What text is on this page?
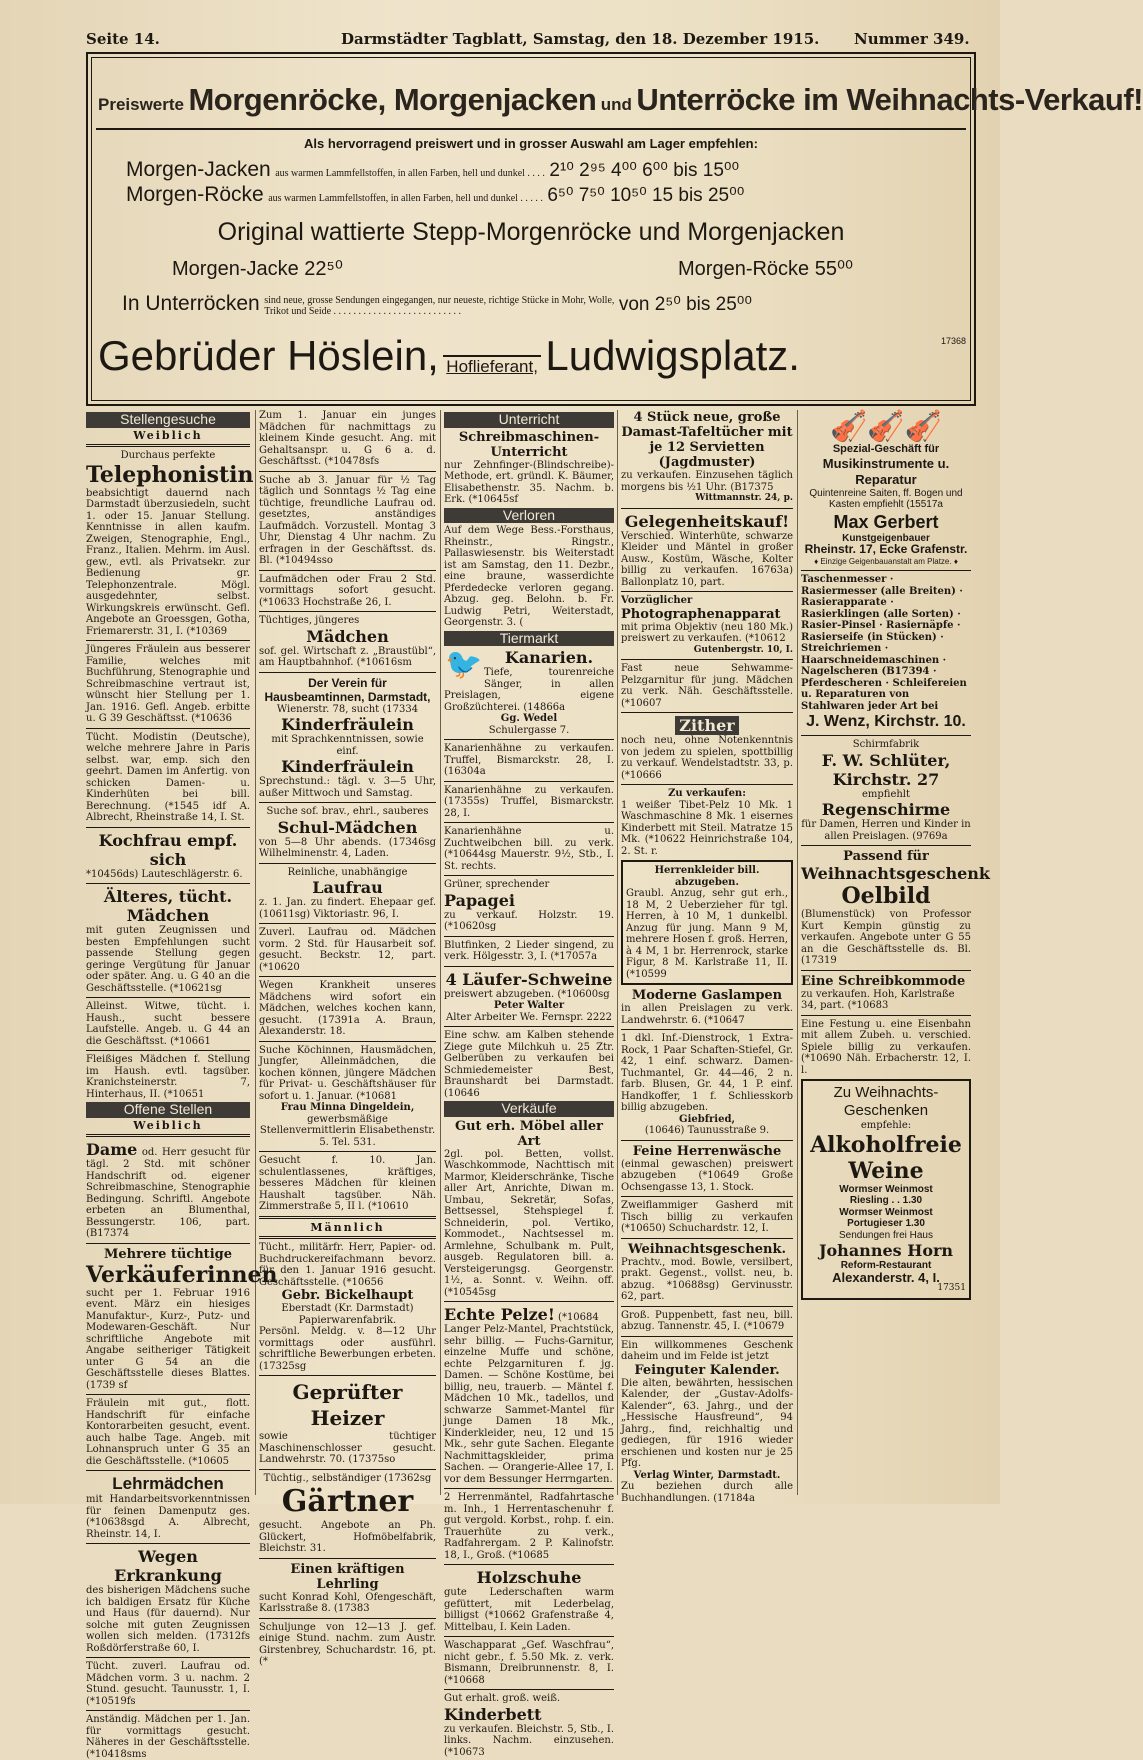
Seite 14.	Darmstädter Tagblatt, Samstag, den 18. Dezember 1915. Nummer 349.
Preiswerte Morgenröcke, Morgenjacken und Unterröcke im Weihnachts-Verkauf!
Als hervorragend preiswert und in grosser Auswahl am Lager empfehlen:
Morgen-Jacken aus warmen Lammfellstoffen, in allen Farben, hell und dunkel . . . . 2¹⁰ 2⁹⁵ 4⁰⁰ 6⁰⁰ bis 15⁰⁰
Morgen-Röcke aus warmen Lammfellstoffen, in allen Farben, hell und dunkel . . . . . 6⁵⁰ 7⁵⁰ 10⁵⁰ 15 bis 25⁰⁰
Original wattierte Stepp-Morgenröcke und Morgenjacken
Morgen-Jacke 22⁵⁰	Morgen-Röcke 55⁰⁰
In Unterröcken sind neue, grosse Sendungen eingegangen, nur neueste, richtige Stücke in Mohr, Wolle,
Trikot und Seide . . . . . . . . . . . . . . . . . . . . . . . . . .	von 2⁵⁰ bis 25⁰⁰
17368
Gebrüder Höslein, Hoflieferant, Ludwigsplatz.
Stellengesuche
Weiblich
Durchaus perfekte
Telephonistin
beabsichtigt dauernd nach Darmstadt überzusiedeln, sucht 1. oder 15. Januar Stellung. Kenntnisse in allen kaufm. Zweigen, Stenographie, Engl., Franz., Italien. Mehrm. im Ausl. gew., evtl. als Privatsekr. zur Bedienung gr. Telephonzentrale. Mögl. ausgedehnter, selbst. Wirkungskreis erwünscht. Gefl. Angebote an Groessgen, Gotha, Friemarerstr. 31, I. (*10369
Jüngeres Fräulein aus besserer Familie, welches mit Buchführung, Stenographie und Schreibmaschine vertraut ist, wünscht hier Stellung per 1. Jan. 1916. Gefl. Angeb. erbitte u. G 39 Geschäftsst. (*10636
Tücht. Modistin (Deutsche), welche mehrere Jahre in Paris selbst. war, emp. sich den geehrt. Damen im Anfertig. von schicken Damen- u. Kinderhüten bei bill. Berechnung. (*1545 idf A. Albrecht, Rheinstraße 14, I. St.
Kochfrau empf. sich
*10456ds) Lauteschlägerstr. 6.
Älteres, tücht. Mädchen
mit guten Zeugnissen und besten Empfehlungen sucht passende Stellung gegen geringe Vergütung für Januar oder später. Ang. u. G 40 an die Geschäftsstelle. (*10621sg
Alleinst. Witwe, tücht. i. Haush., sucht bessere Laufstelle. Angeb. u. G 44 an die Geschäftsst. (*10661
Fleißiges Mädchen f. Stellung im Haush. evtl. tagsüber. Kranichsteinerstr. 7, Hinterhaus, II. (*10651
Offene Stellen
Weiblich
Dame od. Herr gesucht für tägl. 2 Std. mit schöner Handschrift od. eigener Schreibmaschine, Stenographie Bedingung. Schriftl. Angebote erbeten an Blumenthal, Bessungerstr. 106, part. (B17374
Mehrere tüchtige
Verkäuferinnen
sucht per 1. Februar 1916 event. März ein hiesiges Manufaktur-, Kurz-, Putz- und Modewaren-Geschäft. Nur schriftliche Angebote mit Angabe seitheriger Tätigkeit unter G 54 an die Geschäftsstelle dieses Blattes. (1739 sf
Fräulein mit gut., flott. Handschrift für einfache Kontorarbeiten gesucht, event. auch halbe Tage. Angeb. mit Lohnanspruch unter G 35 an die Geschäftsstelle. (*10605
Lehrmädchen
mit Handarbeitsvorkenntnissen für feinen Damenputz ges. (*10638sgd A. Albrecht, Rheinstr. 14, I.
Wegen Erkrankung
des bisherigen Mädchens suche ich baldigen Ersatz für Küche und Haus (für dauernd). Nur solche mit guten Zeugnissen wollen sich melden. (17312fs Roßdörferstraße 60, I.
Tücht. zuverl. Laufrau od. Mädchen vorm. 3 u. nachm. 2 Stund. gesucht. Taunusstr. 1, I. (*10519fs
Anständig. Mädchen per 1. Jan. für vormittags gesucht. Näheres in der Geschäftsstelle. (*10418sms
Zum 1. Januar ein junges Mädchen für nachmittags zu kleinem Kinde gesucht. Ang. mit Gehaltsanspr. u. G 6 a. d. Geschäftsst. (*10478sfs
Suche ab 3. Januar für ½ Tag täglich und Sonntags ½ Tag eine tüchtige, freundliche Laufrau od. gesetztes, anständiges Laufmädch. Vorzustell. Montag 3 Uhr, Dienstag 4 Uhr nachm. Zu erfragen in der Geschäftsst. ds. Bl. (*10494sso
Laufmädchen oder Frau 2 Std. vormittags sofort gesucht. (*10633 Hochstraße 26, I.
Tüchtiges, jüngeres
Mädchen
sof. gel. Wirtschaft z. „Braustübl“, am Hauptbahnhof. (*10616sm
Der Verein für Hausbeamtinnen, Darmstadt,
Wienerstr. 78, sucht (17334
Kinderfräulein
mit Sprachkenntnissen, sowie einf.
Kinderfräulein
Sprechstund.: tägl. v. 3—5 Uhr, außer Mittwoch und Samstag.
Suche sof. brav., ehrl., sauberes
Schul-Mädchen
von 5—8 Uhr abends. (17346sg Wilhelminenstr. 4, Laden.
Reinliche, unabhängige
Laufrau
z. 1. Jan. zu findert. Ehepaar gef. (10611sg) Viktoriastr. 96, I.
Zuverl. Laufrau od. Mädchen vorm. 2 Std. für Hausarbeit sof. gesucht. Beckstr. 12, part. (*10620
Wegen Krankheit unseres Mädchens wird sofort ein Mädchen, welches kochen kann, gesucht. (17391a A. Braun, Alexanderstr. 18.
Suche Köchinnen, Hausmädchen, Jungfer, Alleinmädchen, die kochen können, jüngere Mädchen für Privat- u. Geschäftshäuser für sofort u. 1. Januar. (*10681
Frau Minna Dingeldein,
gewerbsmäßige Stellenvermittlerin Elisabethenstr. 5. Tel. 531.
Gesucht f. 10. Jan. schulentlassenes, kräftiges, besseres Mädchen für kleinen Haushalt tagsüber. Näh. Zimmerstraße 5, II l. (*10610
Männlich
Tücht., militärfr. Herr, Papier- od. Buchdruckereifachmann bevorz. für den 1. Januar 1916 gesucht. Geschäftsstelle. (*10656
Gebr. Bickelhaupt
Eberstadt (Kr. Darmstadt) Papierwarenfabrik.
Persönl. Meldg. v. 8—12 Uhr vormittags oder ausführl. schriftliche Bewerbungen erbeten. (17325sg
Geprüfter Heizer
sowie tüchtiger Maschinenschlosser gesucht. Landwehrstr. 70. (17375so
Tüchtig., selbständiger (17362sg
Gärtner
gesucht. Angebote an Ph. Glückert, Hofmöbelfabrik, Bleichstr. 31.
Einen kräftigen Lehrling
sucht Konrad Kohl, Ofengeschäft, Karlsstraße 8. (17383
Schuljunge von 12—13 J. gef. einige Stund. nachm. zum Austr. Girstenbrey, Schuchardstr. 16, pt. (*
Unterricht
Schreibmaschinen-Unterricht
nur Zehnfinger-(Blindschreibe)-Methode, ert. gründl. K. Bäumer, Elisabethenstr. 35. Nachm. b. Erk. (*10645sf
Verloren
Auf dem Wege Bess.-Forsthaus, Rheinstr., Ringstr., Pallaswiesenstr. bis Weiterstadt ist am Samstag, den 11. Dezbr., eine braune, wasserdichte Pferdedecke verloren gegang. Abzug. geg. Belohn. b. Fr. Ludwig Petri, Weiterstadt, Georgenstr. 3. (
Tiermarkt
🐦	Kanarien.
Tiefe, tourenreiche Sänger, in allen Preislagen, eigene Großzüchterei. (14866a
Gg. Wedel
Schulergasse 7.
Kanarienhähne zu verkaufen. Truffel, Bismarckstr. 28, I. (16304a
Kanarienhähne zu verkaufen. (17355s) Truffel, Bismarckstr. 28, I.
Kanarienhähne u. Zuchtweibchen bill. zu verk. (*10644sg Mauerstr. 9½, Stb., I. St. rechts.
Grüner, sprechender Papagei
zu verkauf. Holzstr. 19. (*10620sg
Blutfinken, 2 Lieder singend, zu verk. Hölgesstr. 3, I. (*17057a
4 Läufer-Schweine
preiswert abzugeben. (*10600sg
Peter Walter
Alter Arbeiter We. Fernspr. 2222
Eine schw. am Kalben stehende Ziege gute Milchkuh u. 25 Ztr. Gelberüben zu verkaufen bei Schmiedemeister Best, Braunshardt bei Darmstadt. (10646
Verkäufe
Gut erh. Möbel aller Art
2gl. pol. Betten, vollst. Waschkommode, Nachttisch mit Marmor, Kleiderschränke, Tische aller Art, Anrichte, Diwan m. Umbau, Sekretär, Sofas, Bettsessel, Stehspiegel f. Schneiderin, pol. Vertiko, Kommodet., Nachtsessel m. Armlehne, Schulbank m. Pult, ausgeb. Regulatoren bill. a. Versteigerungsg. Georgenstr. 1½, a. Sonnt. v. Weihn. off. (*10545sg
Echte Pelze! (*10684
Langer Pelz-Mantel, Prachtstück, sehr billig. — Fuchs-Garnitur, einzelne Muffe und schöne, echte Pelzgarnituren f. jg. Damen. — Schöne Kostüme, bei billig, neu, trauerb. — Mäntel f. Mädchen 10 Mk., tadellos, und schwarze Sammet-Mantel für junge Damen 18 Mk., Kinderkleider, neu, 12 und 15 Mk., sehr gute Sachen. Elegante Nachmittagskleider, prima Sachen. — Orangerie-Allee 17, I. vor dem Bessunger Herrngarten.
2 Herrenmäntel, Radfahrtasche m. Inh., 1 Herrentaschenuhr f. gut vergold. Korbst., rohp. f. ein. Trauerhüte zu verk., Radfahrergam. 2 P. Kalinofstr. 18, I., Groß. (*10685
Holzschuhe
gute Lederschaften warm gefüttert, mit Lederbelag, billigst (*10662 Grafenstraße 4, Mittelbau, I. Kein Laden.
Waschapparat „Gef. Waschfrau“, nicht gebr., f. 5.50 Mk. z. verk. Bismann, Dreibrunnenstr. 8, I. (*10668
Gut erhalt. groß. weiß. Kinderbett
zu verkaufen. Bleichstr. 5, Stb., I. links. Nachm. einzusehen. (*10673
4 Stück neue, große
Damast-Tafeltücher mit
je 12 Servietten
(Jagdmuster)
zu verkaufen. Einzusehen täglich morgens bis ½1 Uhr. (B17375
Wittmannstr. 24, p.
Gelegenheitskauf!
Verschied. Winterhüte, schwarze Kleider und Mäntel in großer Ausw., Kostüm, Wäsche, Kolter billig zu verkaufen. 16763a) Ballonplatz 10, part.
Vorzüglicher Photographenapparat
mit prima Objektiv (neu 180 Mk.) preiswert zu verkaufen. (*10612
Gutenbergstr. 10, I.
Fast neue Sehwamme-Pelzgarnitur für jung. Mädchen zu verk. Näh. Geschäftsstelle. (*10607
Zither
noch neu, ohne Notenkenntnis von jedem zu spielen, spottbillig zu verkauf. Wendelstadtstr. 33, p. (*10666
Zu verkaufen:
1 weißer Tibet-Pelz 10 Mk. 1 Waschmaschine 8 Mk. 1 eisernes Kinderbett mit Steil. Matratze 15 Mk. (*10622 Heinrichstraße 104, 2. St. r.
Herrenkleider bill. abzugeben.
Graubl. Anzug, sehr gut erh., 18 M, 2 Ueberzieher für tgl. Herren, à 10 M, 1 dunkelbl. Anzug für jung. Mann 9 M, mehrere Hosen f. groß. Herren, à 4 M, 1 br. Herrenrock, starke Figur, 8 M. Karlstraße 11, II. (*10599
Moderne Gaslampen
in allen Preislagen zu verk. Landwehrstr. 6. (*10647
1 dkl. Inf.-Dienstrock, 1 Extra-Rock, 1 Paar Schaften-Stiefel, Gr. 42, 1 einf. schwarz. Damen-Tuchmantel, Gr. 44—46, 2 n. farb. Blusen, Gr. 44, 1 P. einf. Handkoffer, 1 f. Schliesskorb billig abzugeben.
Giebfried,
(10646) Taunusstraße 9.
Feine Herrenwäsche
(einmal gewaschen) preiswert abzugeben (*10649 Große Ochsengasse 13, 1. Stock.
Zweiflammiger Gasherd mit Tisch billig zu verkaufen (*10650) Schuchardstr. 12, I.
Weihnachtsgeschenk.
Prachtv., mod. Bowle, versilbert, prakt. Gegenst., vollst. neu, b. abzug. *10688sg) Gervinusstr. 62, part.
Groß. Puppenbett, fast neu, bill. abzug. Tannenstr. 45, I. (*10679
Ein willkommenes Geschenk daheim und im Felde ist jetzt
Feinguter Kalender.
Die alten, bewährten, hessischen Kalender, der „Gustav-Adolfs-Kalender“, 63. Jahrg., und der „Hessische Hausfreund“, 94 Jahrg., find, reichhaltig und gediegen, für 1916 wieder erschienen und kosten nur je 25 Pfg.
Verlag Winter, Darmstadt.
Zu beziehen durch alle Buchhandlungen. (17184a
🎻🎻🎻
Spezial-Geschäft für
Musikinstrumente u.
Reparatur
Quintenreine Saiten, ff. Bogen und Kasten empfiehlt (15517a
Max Gerbert
Kunstgeigenbauer
Rheinstr. 17, Ecke Grafenstr.
♦ Einzige Geigenbauanstalt am Platze. ♦
Taschenmesser · Rasiermesser (alle Breiten) · Rasierapparate · Rasierklingen (alle Sorten) · Rasier-Pinsel · Rasiernäpfe · Rasierseife (in Stücken) · Streichriemen · Haarschneidemaschinen · Nagelscheren (B17394 · Pferdescheren · Schleifereien u. Reparaturen von Stahlwaren jeder Art bei
J. Wenz, Kirchstr. 10.
Schirmfabrik
F. W. Schlüter, Kirchstr. 27
empfiehlt
Regenschirme
für Damen, Herren und Kinder in allen Preislagen. (9769a
Passend für
Weihnachtsgeschenk
Oelbild
(Blumenstück) von Professor Kurt Kempin günstig zu verkaufen. Angebote unter G 55 an die Geschäftsstelle ds. Bl. (17319
Eine Schreibkommode zu verkaufen. Hoh, Karlstraße 34, part. (*10683
Eine Festung u. eine Eisenbahn mit allem Zubeh. u. verschied. Spiele billig zu verkaufen. (*10690 Näh. Erbacherstr. 12, I. l.
Zu Weihnachts-
Geschenken
empfehle:
Alkoholfreie
Weine
Wormser Weinmost
Riesling . . 1.30
Wormser Weinmost
Portugieser 1.30
Sendungen frei Haus
Johannes Horn
Reform-Restaurant
Alexanderstr. 4, I.
17351
